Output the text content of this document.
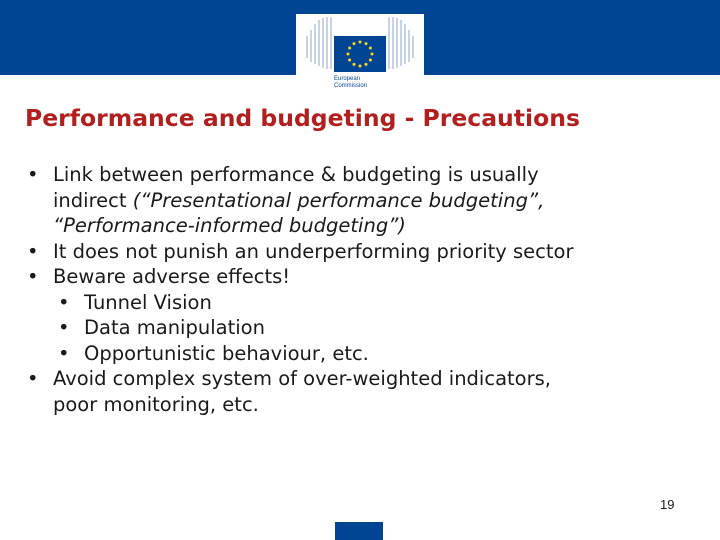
European
Commission
Performance and budgeting - Precautions
• Link between performance & budgeting is usually
indirect (“Presentational performance budgeting”,
“Performance-informed budgeting”)
• It does not punish an underperforming priority sector
• Beware adverse effects!
• Tunnel Vision
• Data manipulation
• Opportunistic behaviour, etc.
• Avoid complex system of over-weighted indicators,
poor monitoring, etc.
19
